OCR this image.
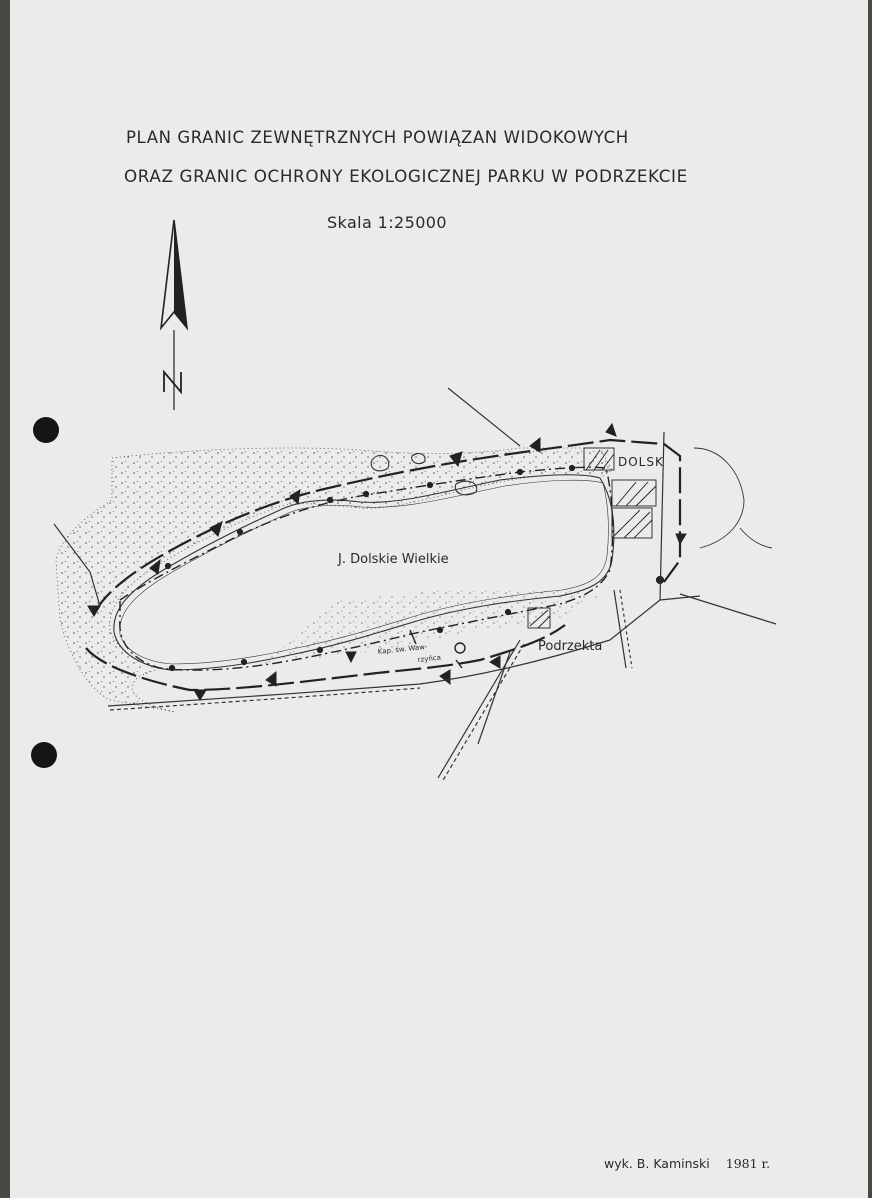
PLAN GRANIC ZEWNĘTRZNYCH POWIĄZAN WIDOKOWYCH
ORAZ GRANIC OCHRONY EKOLOGICZNEJ PARKU W PODRZEKCIE
Skala 1:25000
J. Dolskie Wielkie
DOLSK
Podrzekta
Kap. św. Waw-
rzyńca
wyk. B. Kaminski 1981 r.
